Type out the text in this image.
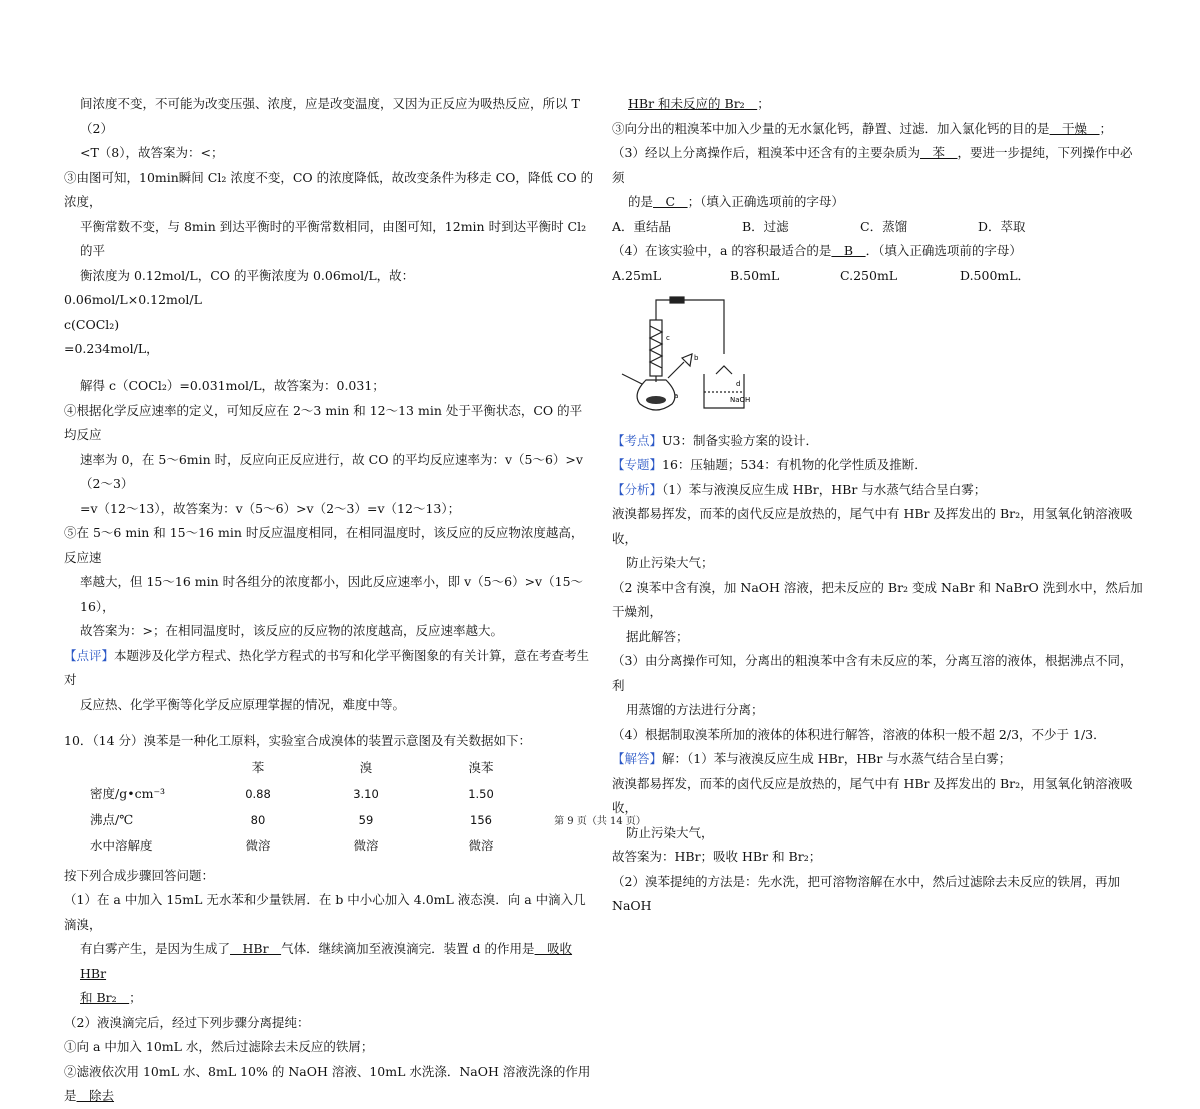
间浓度不变，不可能为改变压强、浓度，应是改变温度，又因为正反应为吸热反应，所以 T（2）

<T（8），故答案为：<；

③由图可知，10min瞬间 Cl₂ 浓度不变，CO 的浓度降低，故改变条件为移走 CO，降低 CO 的浓度，

平衡常数不变，与 8min 到达平衡时的平衡常数相同，由图可知，12min 时到达平衡时 Cl₂ 的平

衡浓度为 0.12mol/L，CO 的平衡浓度为 0.06mol/L，故：

0.06mol/L×0.12mol/L
c(COCl₂)
=0.234mol/L，

解得 c（COCl₂）=0.031mol/L，故答案为：0.031；

④根据化学反应速率的定义，可知反应在 2～3 min 和 12～13 min 处于平衡状态，CO 的平均反应

速率为 0，在 5～6min 时，反应向正反应进行，故 CO 的平均反应速率为：v（5～6）>v（2～3）

=v（12～13），故答案为：v（5～6）>v（2～3）=v（12～13）；

⑤在 5～6 min 和 15～16 min 时反应温度相同，在相同温度时，该反应的反应物浓度越高，反应速

率越大，但 15～16 min 时各组分的浓度都小，因此反应速率小，即 v（5～6）>v（15～16），

故答案为：>；在相同温度时，该反应的反应物的浓度越高，反应速率越大。

【点评】本题涉及化学方程式、热化学方程式的书写和化学平衡图象的有关计算，意在考查考生对

反应热、化学平衡等化学反应原理掌握的情况，难度中等。

10．（14 分）溴苯是一种化工原料，实验室合成溴体的装置示意图及有关数据如下：

	苯	溴	溴苯
密度/g•cm⁻³	0.88	3.10	1.50
沸点/℃	80	59	156
水中溶解度	微溶	微溶	微溶

按下列合成步骤回答问题：

（1）在 a 中加入 15mL 无水苯和少量铁屑．在 b 中小心加入 4.0mL 液态溴．向 a 中滴入几滴溴，

有白雾产生，是因为生成了　HBr　气体．继续滴加至液溴滴完．装置 d 的作用是　吸收 HBr

和 Br₂　；

（2）液溴滴完后，经过下列步骤分离提纯：

①向 a 中加入 10mL 水，然后过滤除去未反应的铁屑；

②滤液依次用 10mL 水、8mL 10% 的 NaOH 溶液、10mL 水洗涤．NaOH 溶液洗涤的作用是　除去

HBr 和未反应的 Br₂　；

③向分出的粗溴苯中加入少量的无水氯化钙，静置、过滤．加入氯化钙的目的是　干燥　；

（3）经以上分离操作后，粗溴苯中还含有的主要杂质为　苯　，要进一步提纯，下列操作中必须

的是　C　；（填入正确选项前的字母）

A．重结晶	B．过滤	C．蒸馏	D．萃取

（4）在该实验中，a 的容积最适合的是　B　．（填入正确选项前的字母）

A.25mL	B.50mL	C.250mL	D.500mL．

c
b
a
d
NaOH

【考点】U3：制备实验方案的设计．

【专题】16：压轴题；534：有机物的化学性质及推断．

【分析】（1）苯与液溴反应生成 HBr，HBr 与水蒸气结合呈白雾；

液溴都易挥发，而苯的卤代反应是放热的，尾气中有 HBr 及挥发出的 Br₂，用氢氧化钠溶液吸收，

防止污染大气；

（2 溴苯中含有溴，加 NaOH 溶液，把未反应的 Br₂ 变成 NaBr 和 NaBrO 洗到水中，然后加干燥剂，

据此解答；

（3）由分离操作可知，分离出的粗溴苯中含有未反应的苯，分离互溶的液体，根据沸点不同，利

用蒸馏的方法进行分离；

（4）根据制取溴苯所加的液体的体积进行解答，溶液的体积一般不超 2/3，不少于 1/3．

【解答】解：（1）苯与液溴反应生成 HBr，HBr 与水蒸气结合呈白雾；

液溴都易挥发，而苯的卤代反应是放热的，尾气中有 HBr 及挥发出的 Br₂，用氢氧化钠溶液吸收，

防止污染大气，

故答案为：HBr；吸收 HBr 和 Br₂；

（2）溴苯提纯的方法是：先水洗，把可溶物溶解在水中，然后过滤除去未反应的铁屑，再加 NaOH

第 9 页（共 14 页）
